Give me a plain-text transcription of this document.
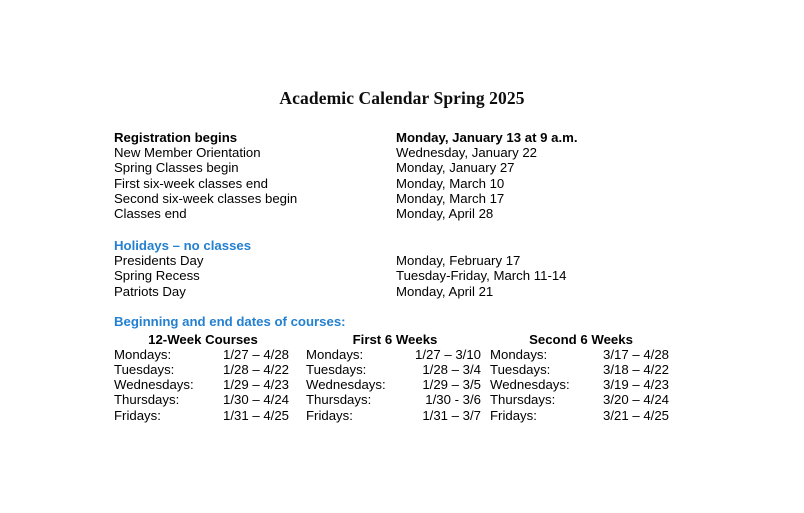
Academic Calendar Spring 2025
Registration begins	Monday, January 13 at 9 a.m.
New Member Orientation	Wednesday, January 22
Spring Classes begin	Monday, January 27
First six-week classes end	Monday, March 10
Second six-week classes begin	Monday, March 17
Classes end	Monday, April 28
Holidays – no classes
Presidents Day	Monday, February 17
Spring Recess	Tuesday-Friday, March 11-14
Patriots Day	Monday, April 21
Beginning and end dates of courses:
12-Week Courses
Mondays:	1/27 – 4/28
Tuesdays:	1/28 – 4/22
Wednesdays: 1/29 – 4/23
Thursdays:	1/30 – 4/24
Fridays:	1/31 – 4/25
First 6 Weeks
Mondays:	1/27 – 3/10
Tuesdays:	1/28 – 3/4
Wednesdays:	1/29 – 3/5
Thursdays:	1/30 - 3/6
Fridays:	1/31 – 3/7
Second 6 Weeks
Mondays:	3/17 – 4/28
Tuesdays:	3/18 – 4/22
Wednesdays:	3/19 – 4/23
Thursdays:	3/20 – 4/24
Fridays:	3/21 – 4/25
